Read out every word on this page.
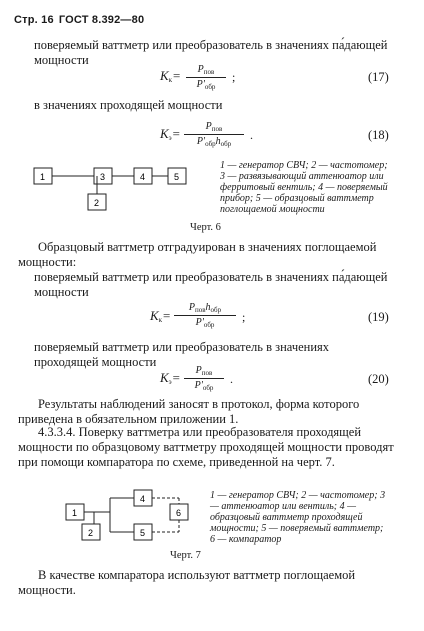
Стр. 16 ГОСТ 8.392—80
поверяемый ваттметр или преобразователь в значениях па́дающей мощности
$K_к=$	$P_{пов}$
$P'_{обр}$
;	(17)
в значениях проходящей мощности
$K_э=$	$P_{пов}$
$P'_{обр}h_{обр}$
.	(18)
1
2
3	4	5
1 — генератор СВЧ; 2 — частотомер; 3 — развязывающий аттенюатор или ферритовый вентиль; 4 — поверяемый прибор; 5 — образцовый ваттметр поглощаемой мощности
Черт. 6
Образцовый ваттметр отградуирован в значениях поглощаемой мощности:
поверяемый ваттметр или преобразователь в значениях па́дающей мощности
$K_к=$
$P_{пов}h_{обр}$
$P'_{обр}$
;	(19)
поверяемый ваттметр или преобразователь в значениях проходящей мощности
$K_э=$	$P_{пов}$
$P'_{обр}$
.	(20)
Результаты наблюдений заносят в протокол, форма которого приведена в обязательном приложении 1.
4.3.3.4. Поверку ваттметра или преобразователя проходящей мощности по образцовому ваттметру проходящей мощности проводят при помощи компаратора по схеме, приведенной на черт. 7.
1
2
4
5
6
1 — генератор СВЧ; 2 — частотомер; 3 — аттенюатор или вентиль; 4 — образцовый ваттметр проходящей мощности; 5 — поверяемый ваттметр; 6 — компаратор
Черт. 7
В качестве компаратора используют ваттметр поглощаемой мощности.
